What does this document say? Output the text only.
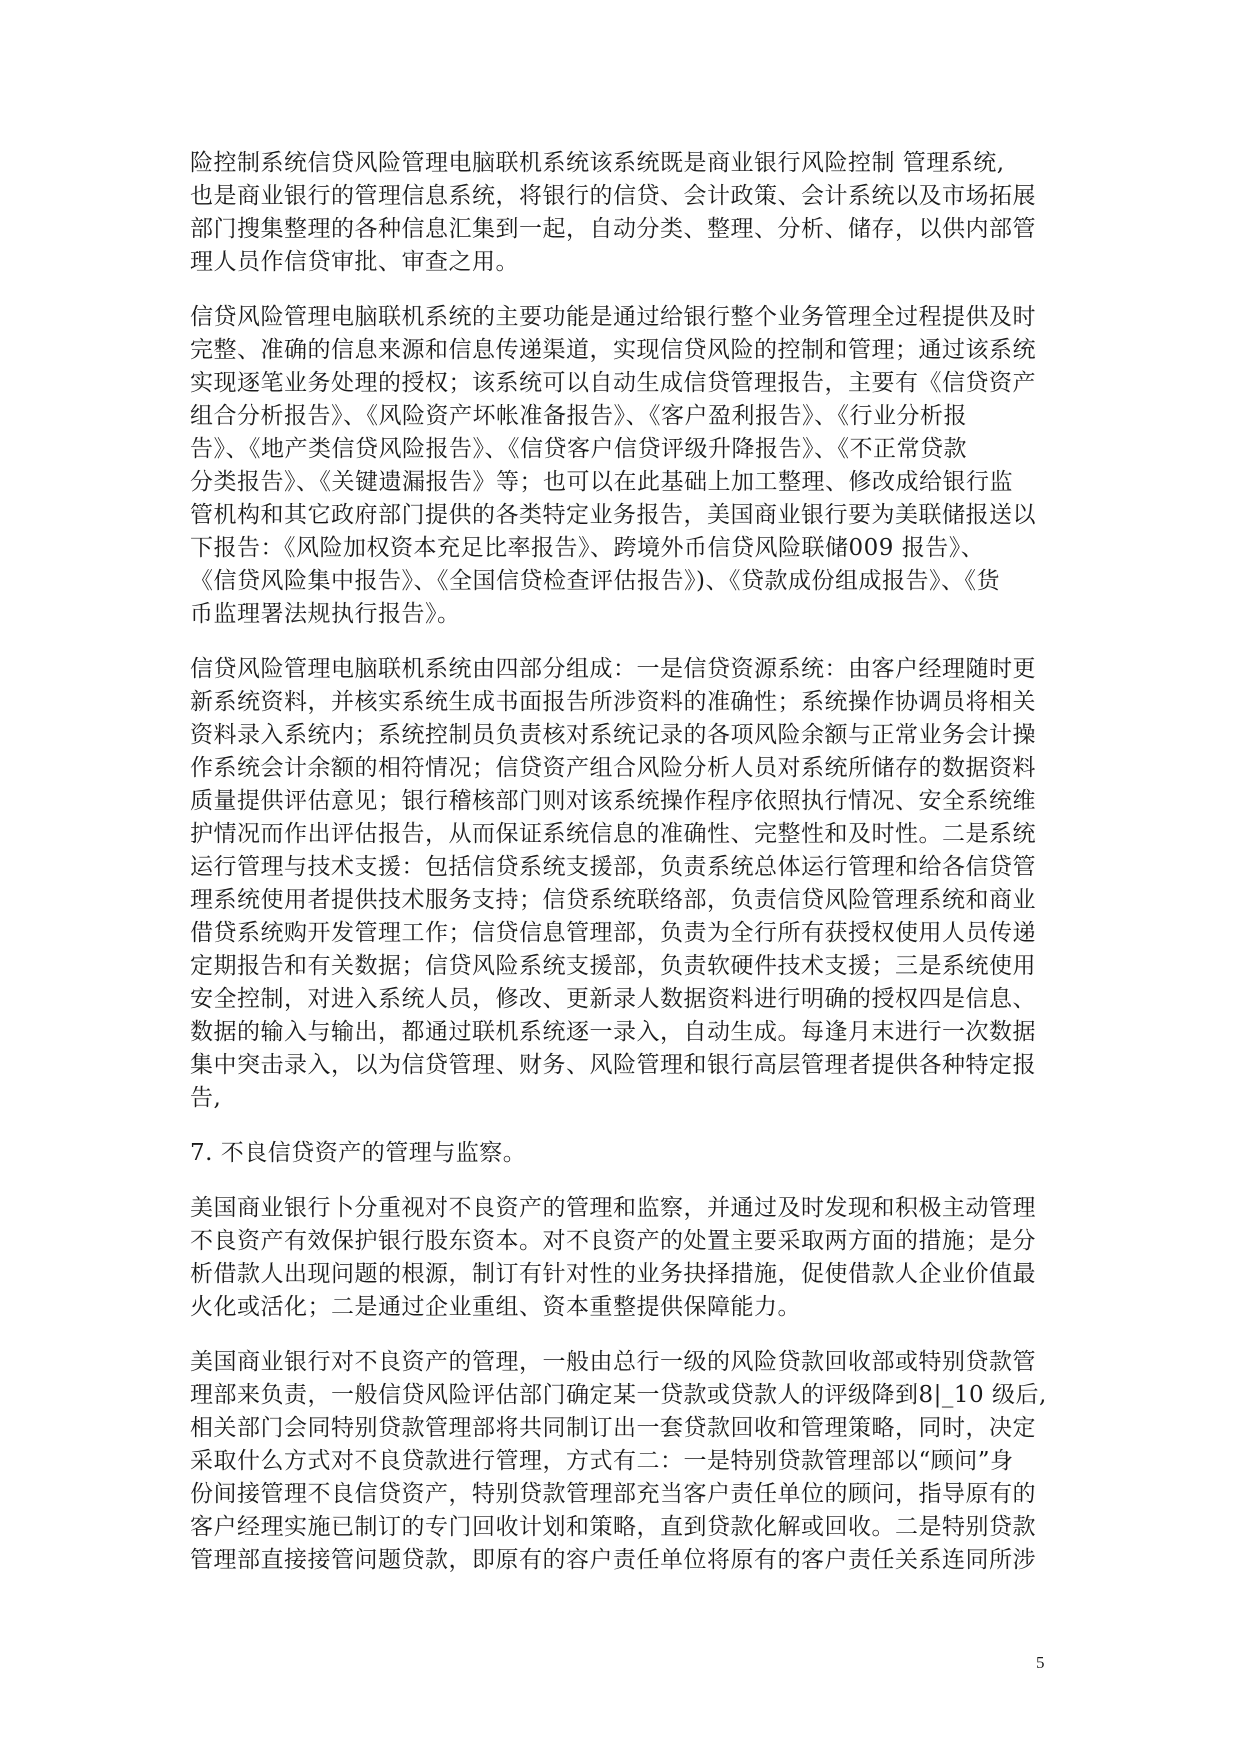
险控制系统信贷风险管理电脑联机系统该系统既是商业银行风险控制 管理系统,
也是商业银行的管理信息系统，将银行的信贷、会计政策、会计系统以及市场拓展
部门搜集整理的各种信息汇集到一起，自动分类、整理、分析、储存，以供内部管
理人员作信贷审批、审查之用。
信贷风险管理电脑联机系统的主要功能是通过给银行整个业务管理全过程提供及时
完整、准确的信息来源和信息传递渠道，实现信贷风险的控制和管理；通过该系统
实现逐笔业务处理的授权；该系统可以自动生成信贷管理报告，主要有《信贷资产
组合分析报告》、《风险资产坏帐准备报告》、《客户盈利报告》、《行业分析报
告》、《地产类信贷风险报告》、《信贷客户信贷评级升降报告》、《不正常贷款
分类报告》、《关键遗漏报告》等；也可以在此基础上加工整理、修改成给银行监
管机构和其它政府部门提供的各类特定业务报告，美国商业银行要为美联储报送以
下报告：《风险加权资本充足比率报告》、跨境外币信贷风险联储009 报告》、
《信贷风险集中报告》、《全国信贷检查评估报告》)、《贷款成份组成报告》、《货
币监理署法规执行报告》。
信贷风险管理电脑联机系统由四部分组成：一是信贷资源系统：由客户经理随时更
新系统资料，并核实系统生成书面报告所涉资料的准确性；系统操作协调员将相关
资料录入系统内；系统控制员负责核对系统记录的各项风险余额与正常业务会计操
作系统会计余额的相符情况；信贷资产组合风险分析人员对系统所储存的数据资料
质量提供评估意见；银行稽核部门则对该系统操作程序依照执行情况、安全系统维
护情况而作出评估报告，从而保证系统信息的准确性、完整性和及时性。二是系统
运行管理与技术支援：包括信贷系统支援部，负责系统总体运行管理和给各信贷管
理系统使用者提供技术服务支持；信贷系统联络部，负责信贷风险管理系统和商业
借贷系统购开发管理工作；信贷信息管理部，负责为全行所有获授权使用人员传递
定期报告和有关数据；信贷风险系统支援部，负责软硬件技术支援；三是系统使用
安全控制，对进入系统人员，修改、更新录人数据资料进行明确的授权四是信息、
数据的输入与输出，都通过联机系统逐一录入，自动生成。每逢月末进行一次数据
集中突击录入，以为信贷管理、财务、风险管理和银行高层管理者提供各种特定报
告,
7. 不良信贷资产的管理与监察。
美国商业银行卜分重视对不良资产的管理和监察，并通过及时发现和积极主动管理
不良资产有效保护银行股东资本。对不良资产的处置主要采取两方面的措施；是分
析借款人出现问题的根源，制订有针对性的业务抉择措施，促使借款人企业价值最
火化或活化；二是通过企业重组、资本重整提供保障能力。
美国商业银行对不良资产的管理，一般由总行一级的风险贷款回收部或特别贷款管
理部来负责，一般信贷风险评估部门确定某一贷款或贷款人的评级降到8|_10 级后,
相关部门会同特别贷款管理部将共同制订出一套贷款回收和管理策略，同时，决定
采取什么方式对不良贷款进行管理，方式有二：一是特别贷款管理部以“顾问”身
份间接管理不良信贷资产，特别贷款管理部充当客户责任单位的顾问，指导原有的
客户经理实施已制订的专门回收计划和策略，直到贷款化解或回收。二是特别贷款
管理部直接接管问题贷款，即原有的容户责任单位将原有的客户责任关系连同所涉
5
